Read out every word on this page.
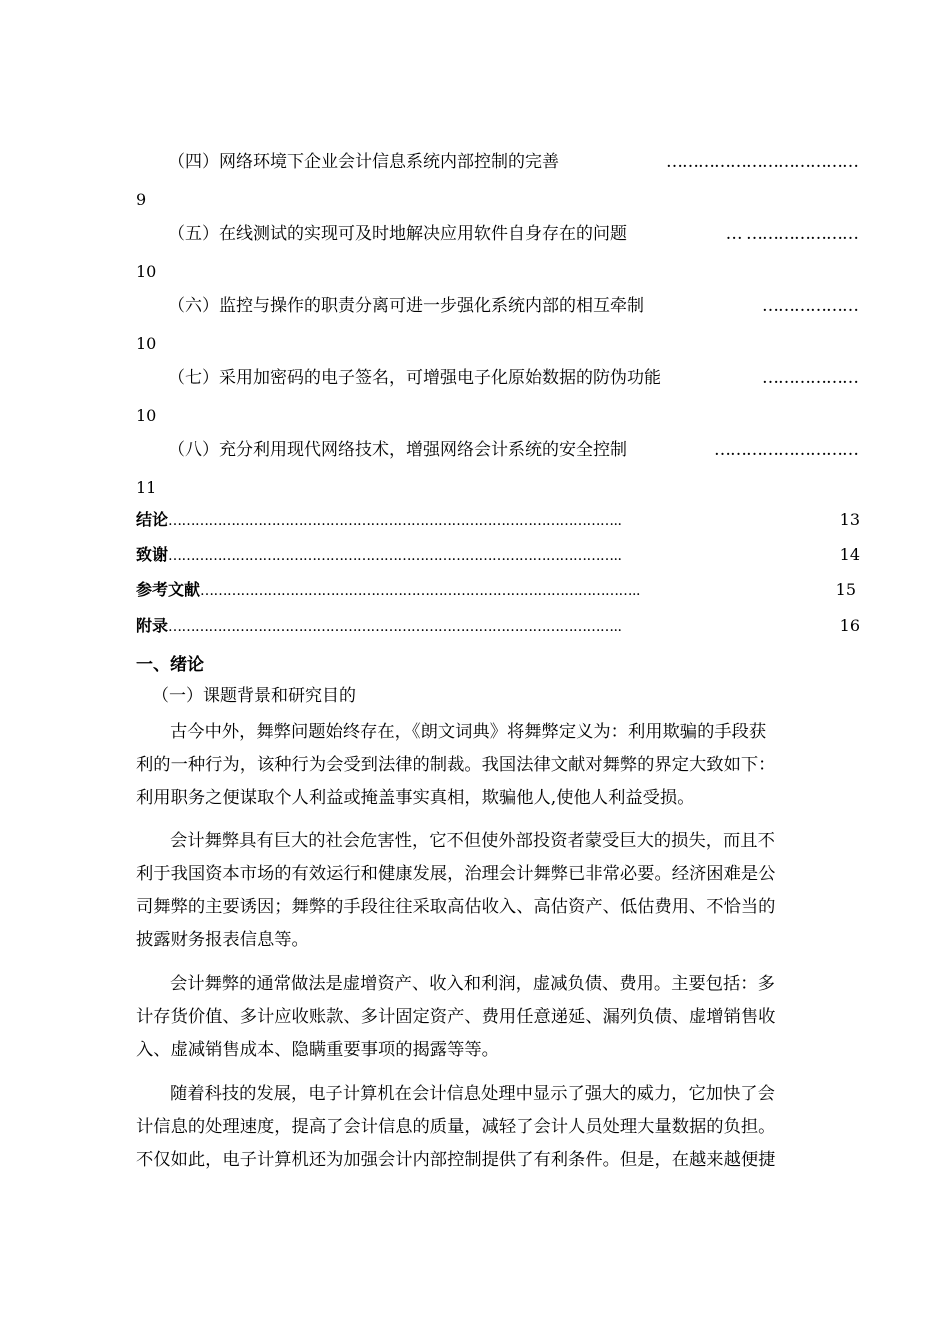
（四）网络环境下企业会计信息系统内部控制的完善	………………………………
9
（五）在线测试的实现可及时地解决应用软件自身存在的问题	… …………………
10
（六）监控与操作的职责分离可进一步强化系统内部的相互牵制	………………
10
（七）采用加密码的电子签名，可增强电子化原始数据的防伪功能	………………
10
（八）充分利用现代网络技术，增强网络会计系统的安全控制	………………………
11
结论 ………………………………………………………………………………………..	13
致谢 ………………………………………………………………………………………..	14
参考文献 ……………………………………………………………………………………..	15
附录 ………………………………………………………………………………………..	16
一、绪论
（一）课题背景和研究目的
古今中外，舞弊问题始终存在，《朗文词典》将舞弊定义为：利用欺骗的手段获
利的一种行为，该种行为会受到法律的制裁。我国法律文献对舞弊的界定大致如下：
利用职务之便谋取个人利益或掩盖事实真相，欺骗他人,使他人利益受损。
会计舞弊具有巨大的社会危害性，它不但使外部投资者蒙受巨大的损失，而且不
利于我国资本市场的有效运行和健康发展，治理会计舞弊已非常必要。经济困难是公
司舞弊的主要诱因；舞弊的手段往往采取高估收入、高估资产、低估费用、不恰当的
披露财务报表信息等。
会计舞弊的通常做法是虚增资产、收入和利润，虚减负债、费用。主要包括：多
计存货价值、多计应收账款、多计固定资产、费用任意递延、漏列负债、虚增销售收
入、虚减销售成本、隐瞒重要事项的揭露等等。
随着科技的发展，电子计算机在会计信息处理中显示了强大的威力，它加快了会
计信息的处理速度，提高了会计信息的质量，减轻了会计人员处理大量数据的负担。
不仅如此，电子计算机还为加强会计内部控制提供了有利条件。但是，在越来越便捷
